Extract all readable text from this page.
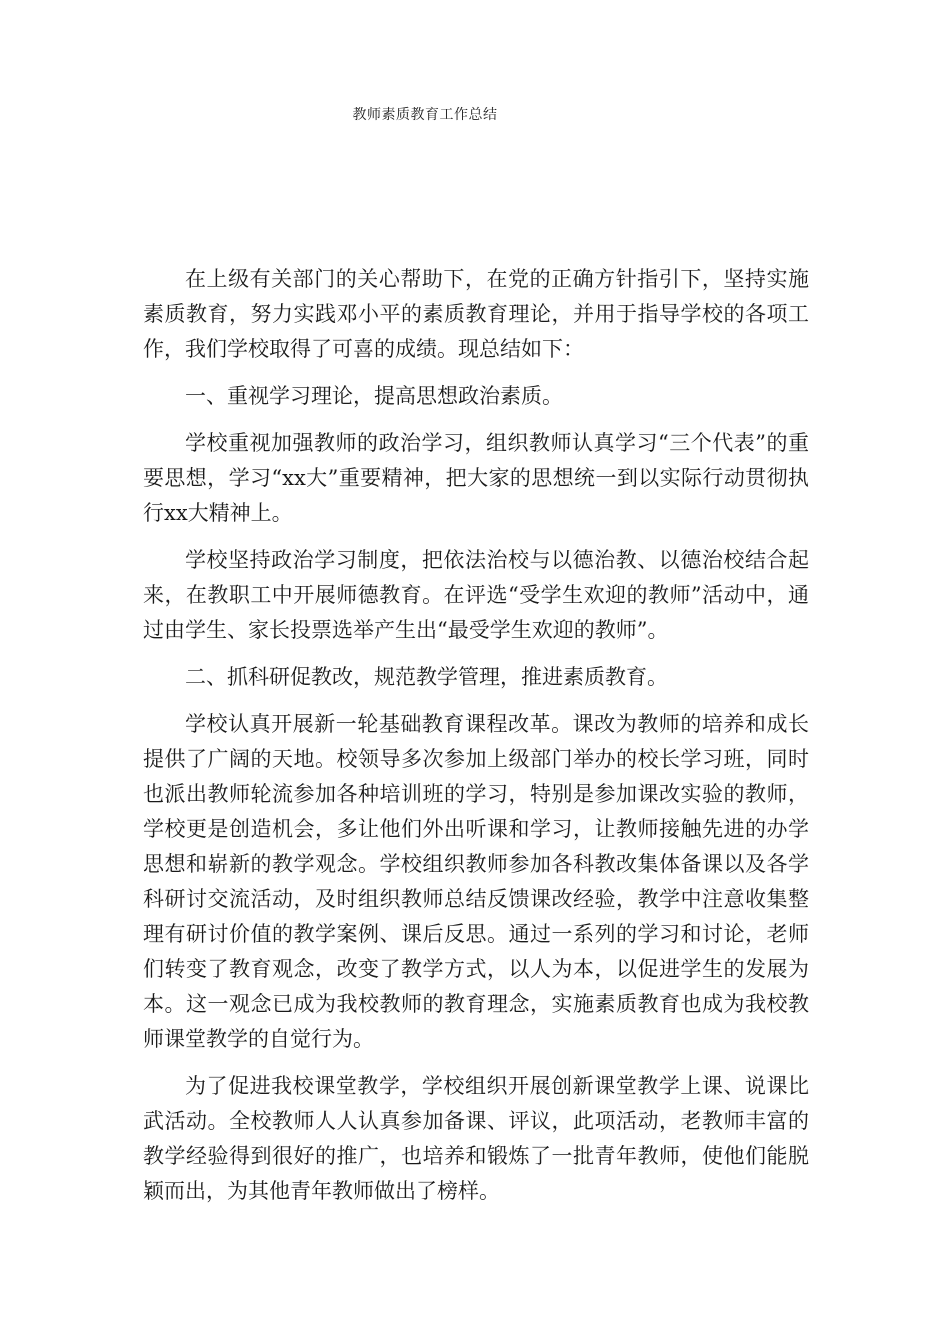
教师素质教育工作总结

在上级有关部门的关心帮助下，在党的正确方针指引下，坚持实施素质教育，努力实践邓小平的素质教育理论，并用于指导学校的各项工作，我们学校取得了可喜的成绩。现总结如下：

一、重视学习理论，提高思想政治素质。

学校重视加强教师的政治学习，组织教师认真学习“三个代表”的重要思想，学习“xx大”重要精神，把大家的思想统一到以实际行动贯彻执行xx大精神上。

学校坚持政治学习制度，把依法治校与以德治教、以德治校结合起来，在教职工中开展师德教育。在评选“受学生欢迎的教师”活动中，通过由学生、家长投票选举产生出“最受学生欢迎的教师”。

二、抓科研促教改，规范教学管理，推进素质教育。

学校认真开展新一轮基础教育课程改革。课改为教师的培养和成长提供了广阔的天地。校领导多次参加上级部门举办的校长学习班，同时也派出教师轮流参加各种培训班的学习，特别是参加课改实验的教师，学校更是创造机会，多让他们外出听课和学习，让教师接触先进的办学思想和崭新的教学观念。学校组织教师参加各科教改集体备课以及各学科研讨交流活动，及时组织教师总结反馈课改经验，教学中注意收集整理有研讨价值的教学案例、课后反思。通过一系列的学习和讨论，老师们转变了教育观念，改变了教学方式，以人为本，以促进学生的发展为本。这一观念已成为我校教师的教育理念，实施素质教育也成为我校教师课堂教学的自觉行为。

为了促进我校课堂教学，学校组织开展创新课堂教学上课、说课比武活动。全校教师人人认真参加备课、评议，此项活动，老教师丰富的教学经验得到很好的推广，也培养和锻炼了一批青年教师，使他们能脱颖而出，为其他青年教师做出了榜样。
